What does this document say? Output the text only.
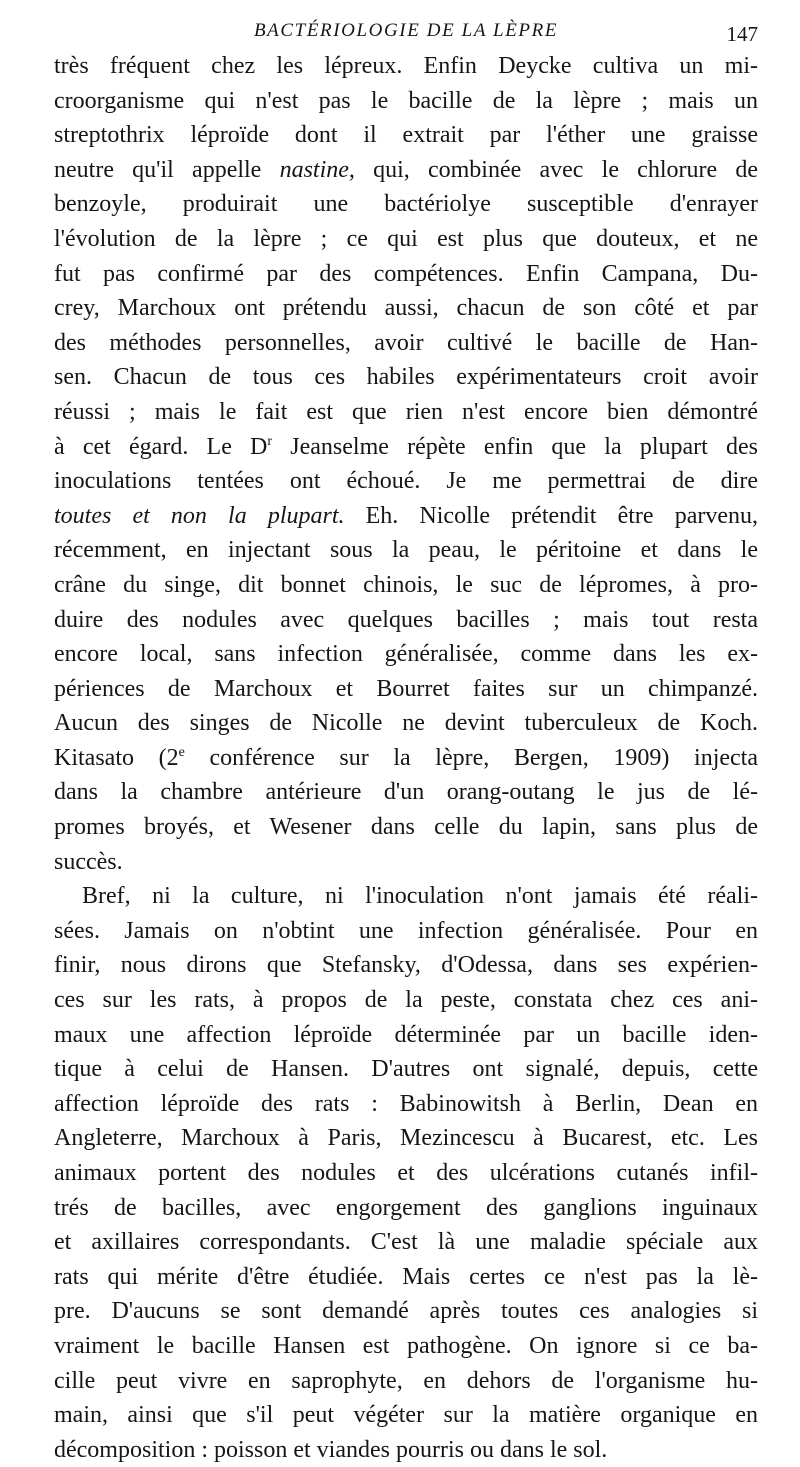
BACTÉRIOLOGIE DE LA LÈPRE	147
très fréquent chez les lépreux. Enfin Deycke cultiva un mi-
croorganisme qui n'est pas le bacille de la lèpre ; mais un
streptothrix léproïde dont il extrait par l'éther une graisse
neutre qu'il appelle nastine, qui, combinée avec le chlorure de
benzoyle, produirait une bactériolye susceptible d'enrayer
l'évolution de la lèpre ; ce qui est plus que douteux, et ne
fut pas confirmé par des compétences. Enfin Campana, Du-
crey, Marchoux ont prétendu aussi, chacun de son côté et par
des méthodes personnelles, avoir cultivé le bacille de Han-
sen. Chacun de tous ces habiles expérimentateurs croit avoir
réussi ; mais le fait est que rien n'est encore bien démontré
à cet égard. Le $D^r$ Jeanselme répète enfin que la plupart des
inoculations tentées ont échoué. Je me permettrai de dire
toutes et non la plupart. Eh. Nicolle prétendit être parvenu,
récemment, en injectant sous la peau, le péritoine et dans le
crâne du singe, dit bonnet chinois, le suc de lépromes, à pro-
duire des nodules avec quelques bacilles ; mais tout resta
encore local, sans infection généralisée, comme dans les ex-
périences de Marchoux et Bourret faites sur un chimpanzé.
Aucun des singes de Nicolle ne devint tuberculeux de Koch.
Kitasato (2e conférence sur la lèpre, Bergen, 1909) injecta
dans la chambre antérieure d'un orang-outang le jus de lé-
promes broyés, et Wesener dans celle du lapin, sans plus de
succès.
Bref, ni la culture, ni l'inoculation n'ont jamais été réali-
sées. Jamais on n'obtint une infection généralisée. Pour en
finir, nous dirons que Stefansky, d'Odessa, dans ses expérien-
ces sur les rats, à propos de la peste, constata chez ces ani-
maux une affection léproïde déterminée par un bacille iden-
tique à celui de Hansen. D'autres ont signalé, depuis, cette
affection léproïde des rats : Babinowitsh à Berlin, Dean en
Angleterre, Marchoux à Paris, Mezincescu à Bucarest, etc. Les
animaux portent des nodules et des ulcérations cutanés infil-
trés de bacilles, avec engorgement des ganglions inguinaux
et axillaires correspondants. C'est là une maladie spéciale aux
rats qui mérite d'être étudiée. Mais certes ce n'est pas la lè-
pre. D'aucuns se sont demandé après toutes ces analogies si
vraiment le bacille Hansen est pathogène. On ignore si ce ba-
cille peut vivre en saprophyte, en dehors de l'organisme hu-
main, ainsi que s'il peut végéter sur la matière organique en
décomposition : poisson et viandes pourris ou dans le sol.
